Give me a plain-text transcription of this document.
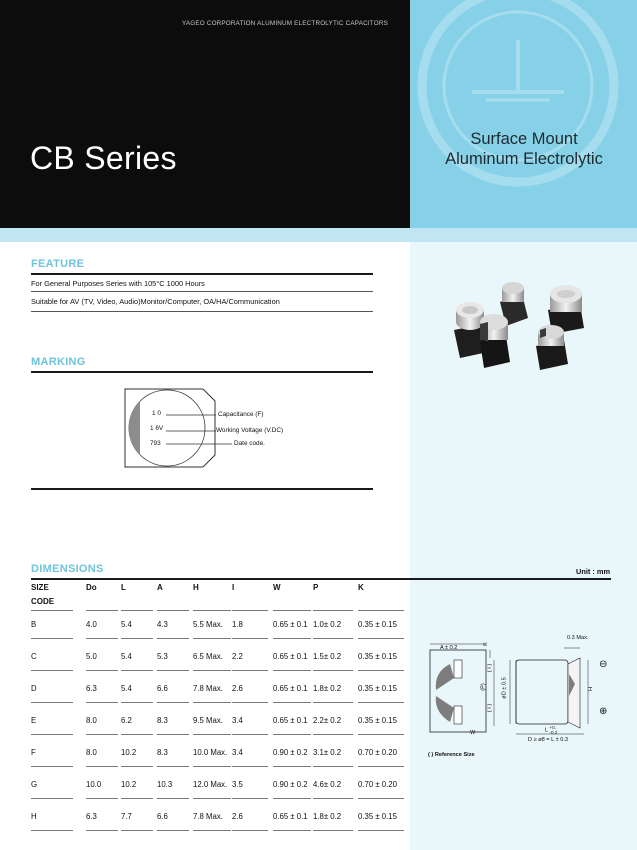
YAGEO CORPORATION ALUMINUM ELECTROLYTIC CAPACITORS
CB Series
Surface Mount
Aluminum Electrolytic
FEATURE
For General Purposes Series with 105°C 1000 Hours
Suitable for AV (TV, Video, Audio)Monitor/Computer, OA/HA/Communication
MARKING
1 0
1 6V
793
Capacitance (F)
Working Voltage (V.DC)
Date code.
DIMENSIONS	Unit : mm
SIZE	Do	L	A	H	I	W	P	K
CODE
B	4.0	5.4	4.3	5.5 Max. 1.8	0.65 ± 0.1 1.0± 0.2 0.35 ± 0.15
C	5.0	5.4	5.3	6.5 Max. 2.2	0.65 ± 0.1 1.5± 0.2 0.35 ± 0.15
D	6.3	5.4	6.6	7.8 Max. 2.6	0.65 ± 0.1 1.8± 0.2 0.35 ± 0.15
E	8.0	6.2	8.3	9.5 Max. 3.4	0.65 ± 0.1 2.2± 0.2 0.35 ± 0.15
F	8.0	10.2	8.3	10.0 Max. 3.4	0.90 ± 0.2 3.1± 0.2 0.70 ± 0.20
G	10.0	10.2	10.3	12.0 Max. 3.5	0.90 ± 0.2 4.6± 0.2 0.70 ± 0.20
H	6.3	7.7	6.6	7.8 Max. 2.6	0.65 ± 0.1 1.8± 0.2 0.35 ± 0.15
A ± 0.2
K
0.3 Max.
⊖
⊕
( I )
(P)
( I )
øD ± 0.5	H
W	L +0.
-0.2
D ≥ ø8 = L ± 0.3
( ) Reference Size
